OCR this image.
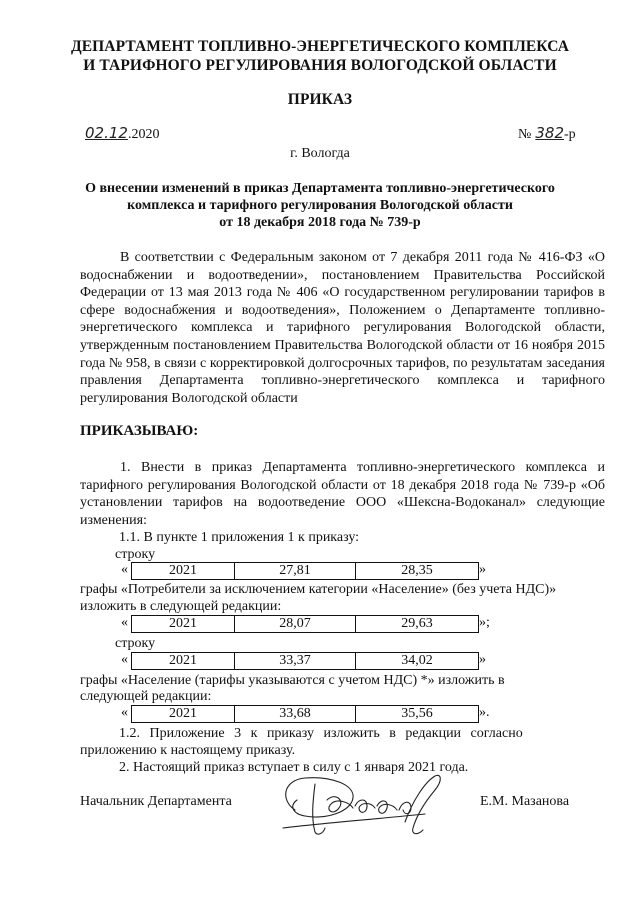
ДЕПАРТАМЕНТ ТОПЛИВНО-ЭНЕРГЕТИЧЕСКОГО КОМПЛЕКСА
И ТАРИФНОГО РЕГУЛИРОВАНИЯ ВОЛОГОДСКОЙ ОБЛАСТИ
ПРИКАЗ
02.12.2020	№ 382-р
г. Вологда
О внесении изменений в приказ Департамента топливно-энергетического
комплекса и тарифного регулирования Вологодской области
от 18 декабря 2018 года № 739-р
В соответствии с Федеральным законом от 7 декабря 2011 года № 416-ФЗ «О водоснабжении и водоотведении», постановлением Правительства Российской Федерации от 13 мая 2013 года № 406 «О государственном регулировании тарифов в сфере водоснабжения и водоотведения», Положением о Департаменте топливно-энергетического комплекса и тарифного регулирования Вологодской области, утвержденным постановлением Правительства Вологодской области от 16 ноября 2015 года № 958, в связи с корректировкой долгосрочных тарифов, по результатам заседания правления Департамента топливно-энергетического комплекса и тарифного регулирования Вологодской области
ПРИКАЗЫВАЮ:
1. Внести в приказ Департамента топливно-энергетического комплекса и тарифного регулирования Вологодской области от 18 декабря 2018 года № 739-р «Об установлении тарифов на водоотведение ООО «Шексна-Водоканал» следующие изменения:
1.1. В пункте 1 приложения 1 к приказу:
строку
«	2021	27,81	28,35	»
графы «Потребители за исключением категории «Население» (без учета НДС)»
изложить в следующей редакции:
«	2021	28,07	29,63	»;
строку
«	2021	33,37	34,02	»
графы «Население (тарифы указываются с учетом НДС) *» изложить в
следующей редакции:
«	2021	33,68	35,56	».
1.2. Приложение 3 к приказу изложить в редакции согласно
приложению к настоящему приказу.
2. Настоящий приказ вступает в силу с 1 января 2021 года.
Начальник Департамента	Е.М. Мазанова
